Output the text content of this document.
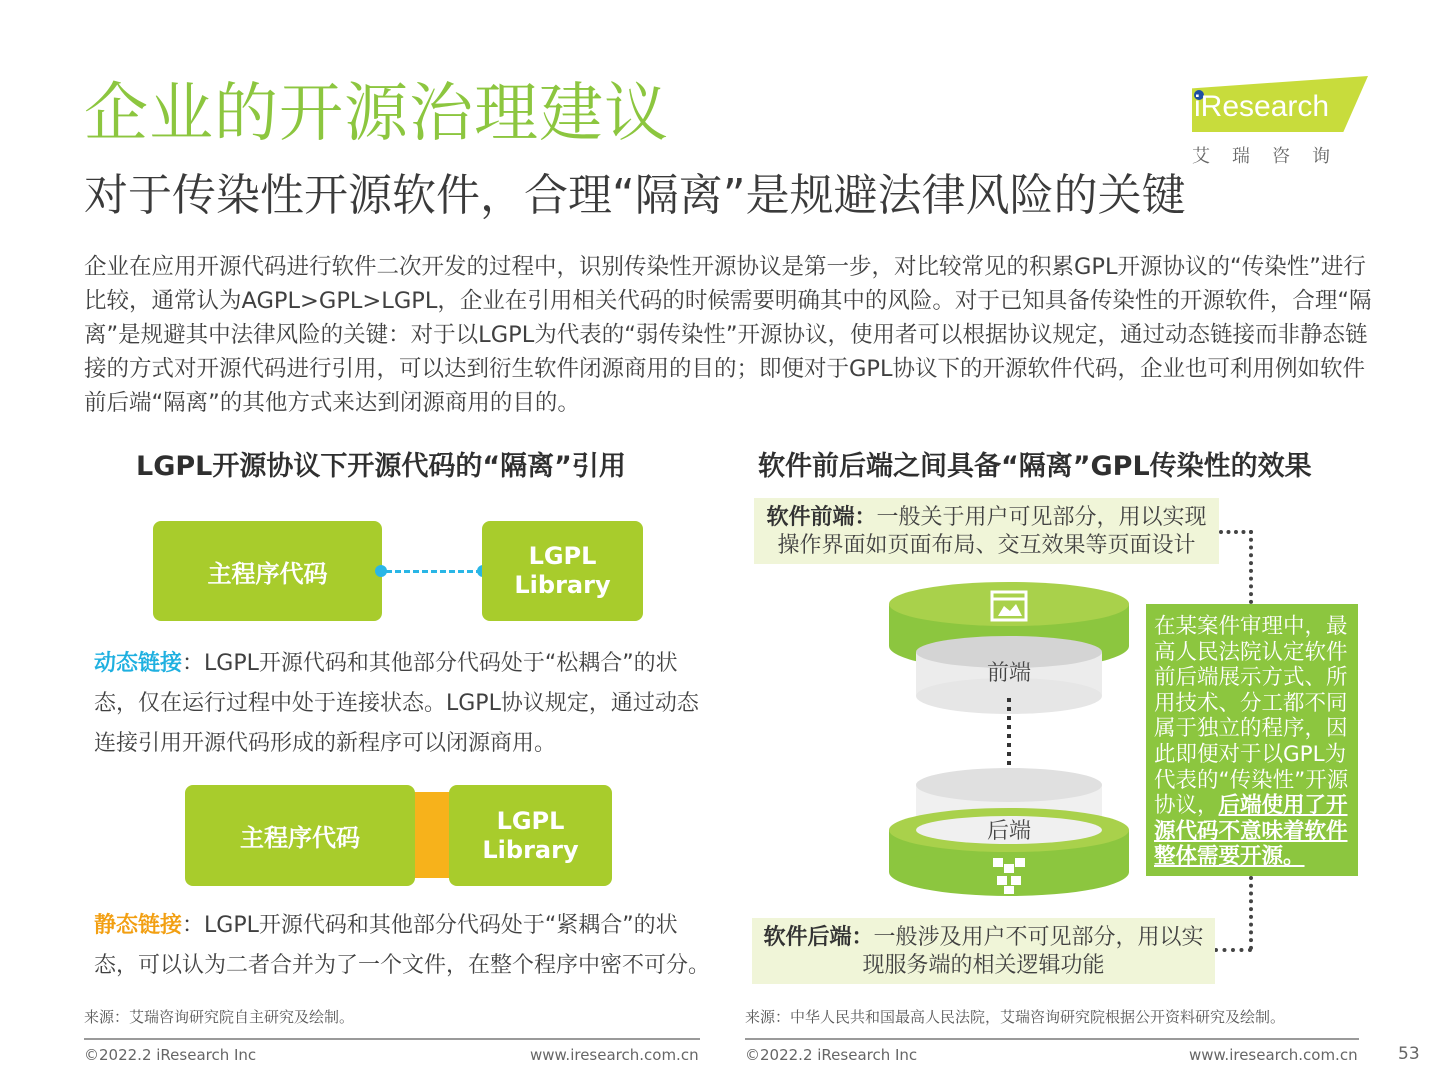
企业的开源治理建议
对于传染性开源软件，合理“隔离”是规避法律风险的关键
iResearch
艾瑞咨询
企业在应用开源代码进行软件二次开发的过程中，识别传染性开源协议是第一步，对比较常见的积累GPL开源协议的“传染性”进行比较，通常认为AGPL>GPL>LGPL，企业在引用相关代码的时候需要明确其中的风险。对于已知具备传染性的开源软件，合理“隔离”是规避其中法律风险的关键：对于以LGPL为代表的“弱传染性”开源协议，使用者可以根据协议规定，通过动态链接而非静态链接的方式对开源代码进行引用，可以达到衍生软件闭源商用的目的；即便对于GPL协议下的开源软件代码，企业也可利用例如软件前后端“隔离”的其他方式来达到闭源商用的目的。
LGPL开源协议下开源代码的“隔离”引用
主程序代码
LGPL
Library
动态链接：LGPL开源代码和其他部分代码处于“松耦合”的状态，仅在运行过程中处于连接状态。LGPL协议规定，通过动态连接引用开源代码形成的新程序可以闭源商用。
主程序代码
LGPL
Library
静态链接：LGPL开源代码和其他部分代码处于“紧耦合”的状态，可以认为二者合并为了一个文件，在整个程序中密不可分。
来源：艾瑞咨询研究院自主研究及绘制。
©2022.2 iResearch Inc	www.iresearch.com.cn
软件前后端之间具备“隔离”GPL传染性的效果
软件前端：一般关于用户可见部分，用以实现
操作界面如页面布局、交互效果等页面设计
前端
后端
在某案件审理中，最高人民法院认定软件前后端展示方式、所用技术、分工都不同属于独立的程序，因此即便对于以GPL为代表的“传染性”开源协议，后端使用了开源代码不意味着软件整体需要开源。
软件后端：一般涉及用户不可见部分，用以实
现服务端的相关逻辑功能
来源：中华人民共和国最高人民法院，艾瑞咨询研究院根据公开资料研究及绘制。
©2022.2 iResearch Inc	www.iresearch.com.cn 53
